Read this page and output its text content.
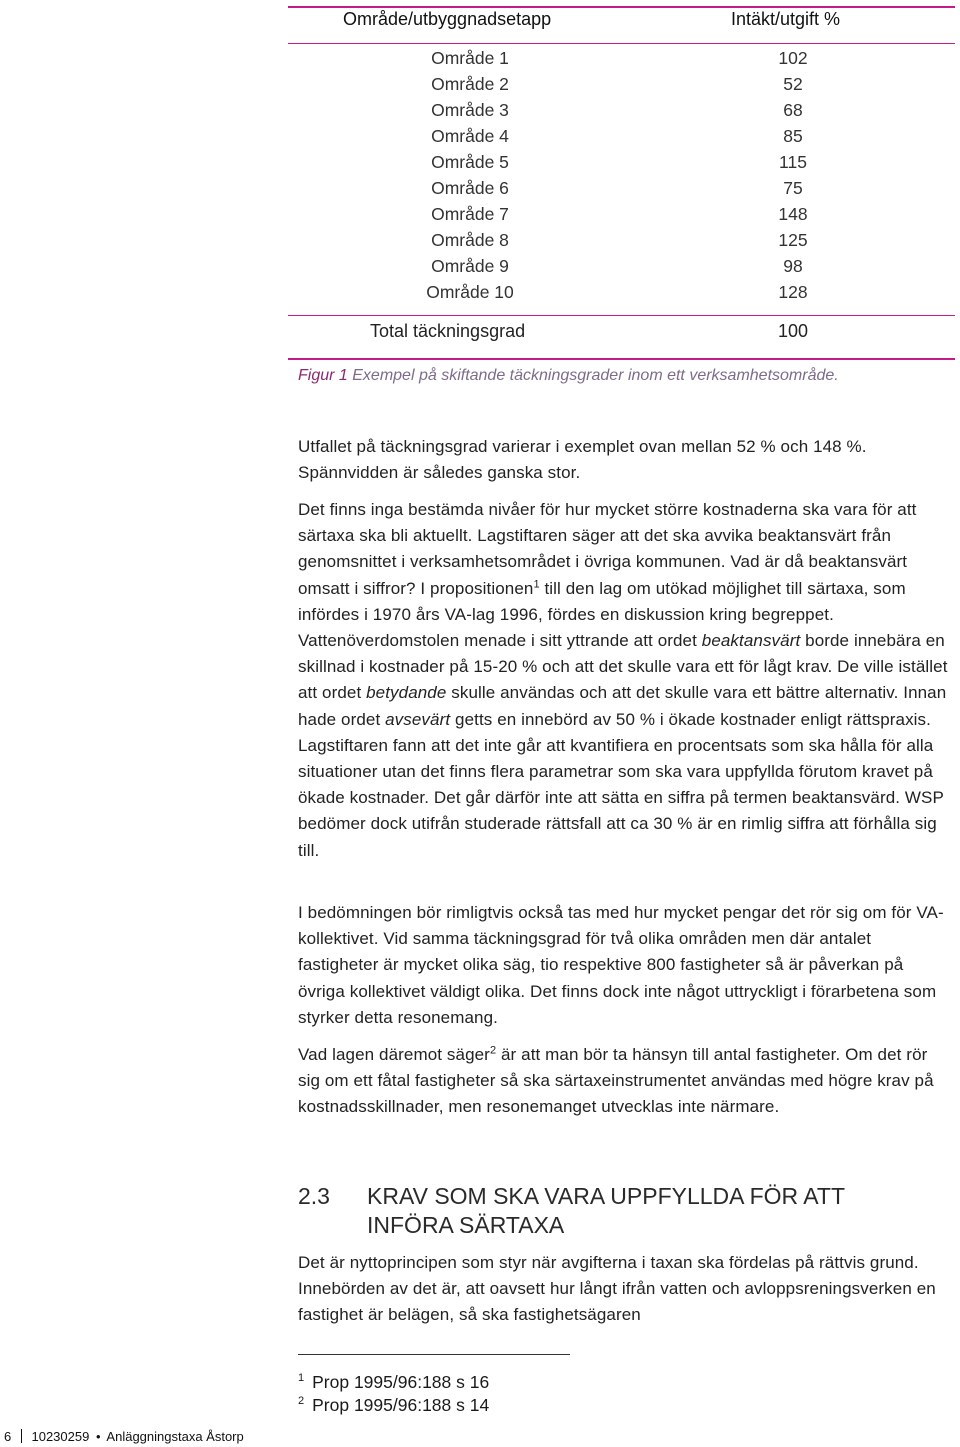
Område/utbyggnadsetapp	Intäkt/utgift %
Område 1	102
Område 2	52
Område 3	68
Område 4	85
Område 5	115
Område 6	75
Område 7	148
Område 8	125
Område 9	98
Område 10	128
Total täckningsgrad	100
Figur 1 Exempel på skiftande täckningsgrader inom ett verksamhetsområde.
Utfallet på täckningsgrad varierar i exemplet ovan mellan 52 % och 148 %. Spännvidden är således ganska stor.
Det finns inga bestämda nivåer för hur mycket större kostnaderna ska vara för att särtaxa ska bli aktuellt. Lagstiftaren säger att det ska avvika beaktansvärt från genomsnittet i verksamhetsområdet i övriga kommunen. Vad är då beaktansvärt omsatt i siffror? I propositionen$^1$ till den lag om utökad möjlighet till särtaxa, som infördes i 1970 års VA-lag 1996, fördes en diskussion kring begreppet. Vattenöverdomstolen menade i sitt yttrande att ordet beaktansvärt borde innebära en skillnad i kostnader på 15-20 % och att det skulle vara ett för lågt krav. De ville istället att ordet betydande skulle användas och att det skulle vara ett bättre alternativ. Innan hade ordet avsevärt getts en innebörd av 50 % i ökade kostnader enligt rättspraxis. Lagstiftaren fann att det inte går att kvantifiera en procentsats som ska hålla för alla situationer utan det finns flera parametrar som ska vara uppfyllda förutom kravet på ökade kostnader. Det går därför inte att sätta en siffra på termen beaktansvärd. WSP bedömer dock utifrån studerade rättsfall att ca 30 % är en rimlig siffra att förhålla sig till.
I bedömningen bör rimligtvis också tas med hur mycket pengar det rör sig om för VA-kollektivet. Vid samma täckningsgrad för två olika områden men där antalet fastigheter är mycket olika säg, tio respektive 800 fastigheter så är påverkan på övriga kollektivet väldigt olika. Det finns dock inte något uttryckligt i förarbetena som styrker detta resonemang.
Vad lagen däremot säger$^2$ är att man bör ta hänsyn till antal fastigheter. Om det rör sig om ett fåtal fastigheter så ska särtaxeinstrumentet användas med högre krav på kostnadsskillnader, men resonemanget utvecklas inte närmare.
2.3 KRAV SOM SKA VARA UPPFYLLDA FÖR ATT
INFÖRA SÄRTAXA
Det är nyttoprincipen som styr när avgifterna i taxan ska fördelas på rättvis grund. Innebörden av det är, att oavsett hur långt ifrån vatten och avloppsreningsverken en fastighet är belägen, så ska fastighetsägaren
$^1$ Prop 1995/96:188 s 16
$^2$ Prop 1995/96:188 s 14
6 10230259 • Anläggningstaxa Åstorp
